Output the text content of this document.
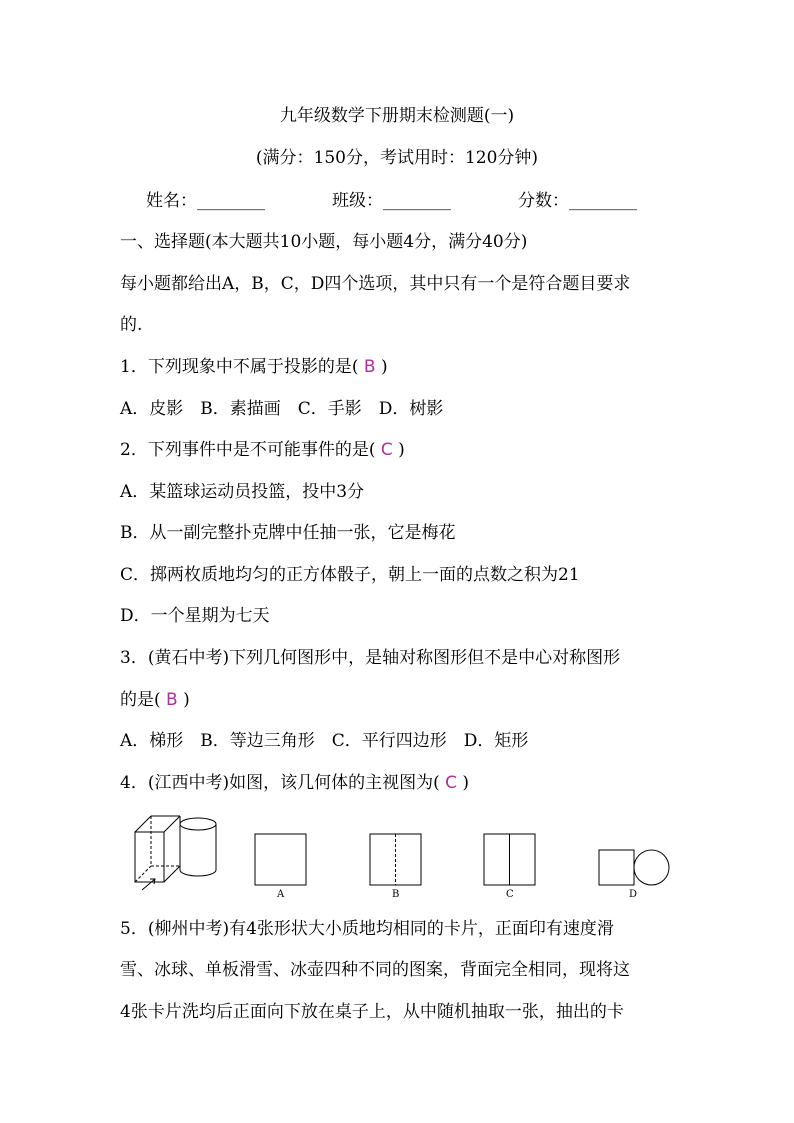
九年级数学下册期末检测题(一)
(满分：150分，考试用时：120分钟)
姓名：________	班级：________	分数：________
一、选择题(本大题共10小题，每小题4分，满分40分)
每小题都给出A，B，C，D四个选项，其中只有一个是符合题目要求
的.
1．下列现象中不属于投影的是( B )
A．皮影　B．素描画　C．手影　D．树影
2．下列事件中是不可能事件的是( C )
A．某篮球运动员投篮，投中3分
B．从一副完整扑克牌中任抽一张，它是梅花
C．掷两枚质地均匀的正方体骰子，朝上一面的点数之积为21
D．一个星期为七天
3．(黄石中考)下列几何图形中，是轴对称图形但不是中心对称图形
的是( B )
A．梯形　B．等边三角形　C．平行四边形　D．矩形
4．(江西中考)如图，该几何体的主视图为( C )
A	B	C	D
5．(柳州中考)有4张形状大小质地均相同的卡片，正面印有速度滑
雪、冰球、单板滑雪、冰壶四种不同的图案，背面完全相同，现将这
4张卡片洗均后正面向下放在桌子上，从中随机抽取一张，抽出的卡
